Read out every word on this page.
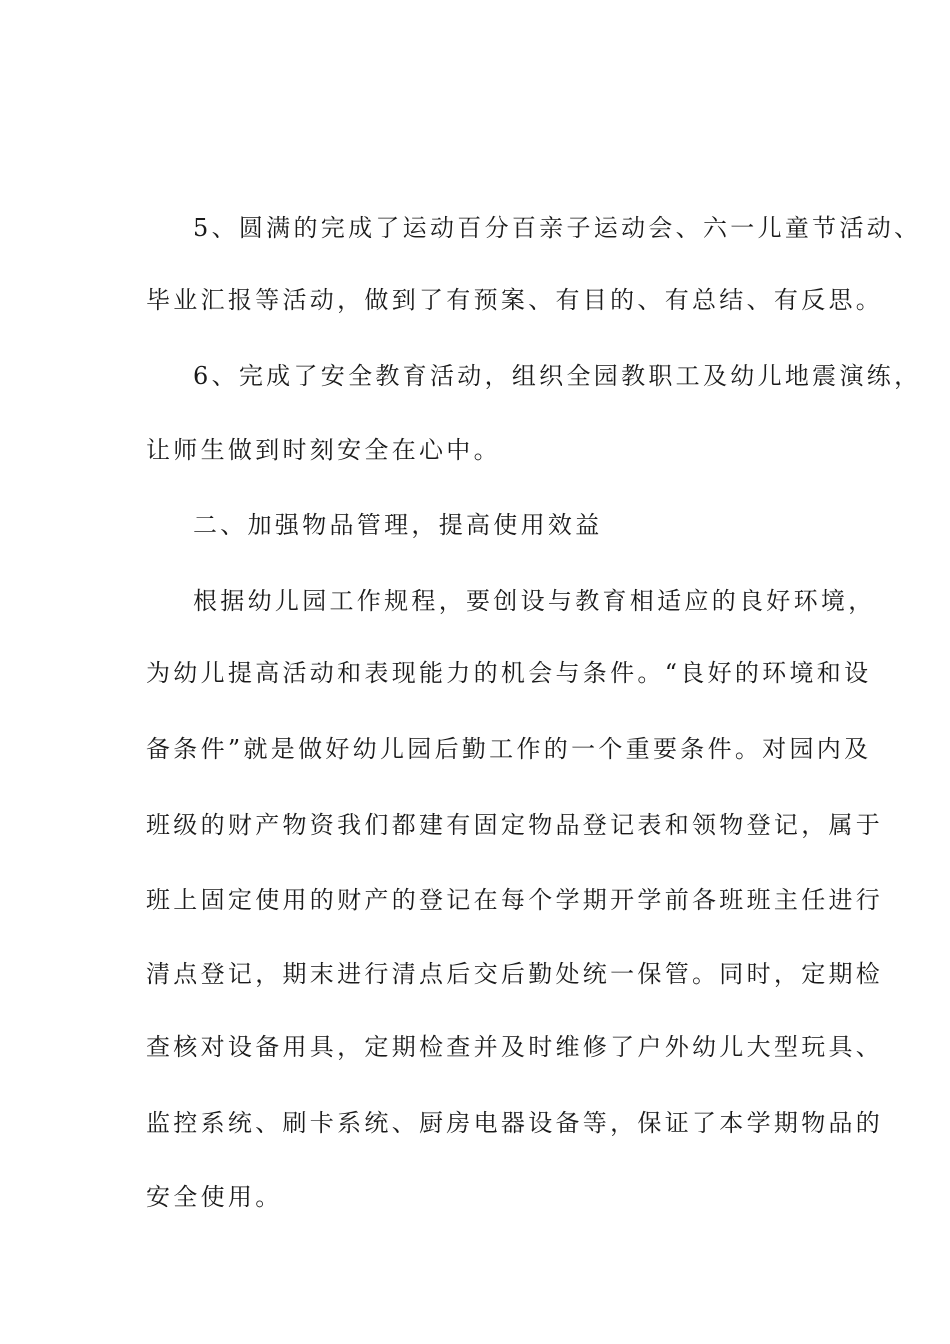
5、圆满的完成了运动百分百亲子运动会、六一儿童节活动、
毕业汇报等活动，做到了有预案、有目的、有总结、有反思。
6、完成了安全教育活动，组织全园教职工及幼儿地震演练，
让师生做到时刻安全在心中。
二、加强物品管理，提高使用效益
根据幼儿园工作规程，要创设与教育相适应的良好环境，
为幼儿提高活动和表现能力的机会与条件。“良好的环境和设
备条件”就是做好幼儿园后勤工作的一个重要条件。对园内及
班级的财产物资我们都建有固定物品登记表和领物登记，属于
班上固定使用的财产的登记在每个学期开学前各班班主任进行
清点登记，期末进行清点后交后勤处统一保管。同时，定期检
查核对设备用具，定期检查并及时维修了户外幼儿大型玩具、
监控系统、刷卡系统、厨房电器设备等，保证了本学期物品的
安全使用。
